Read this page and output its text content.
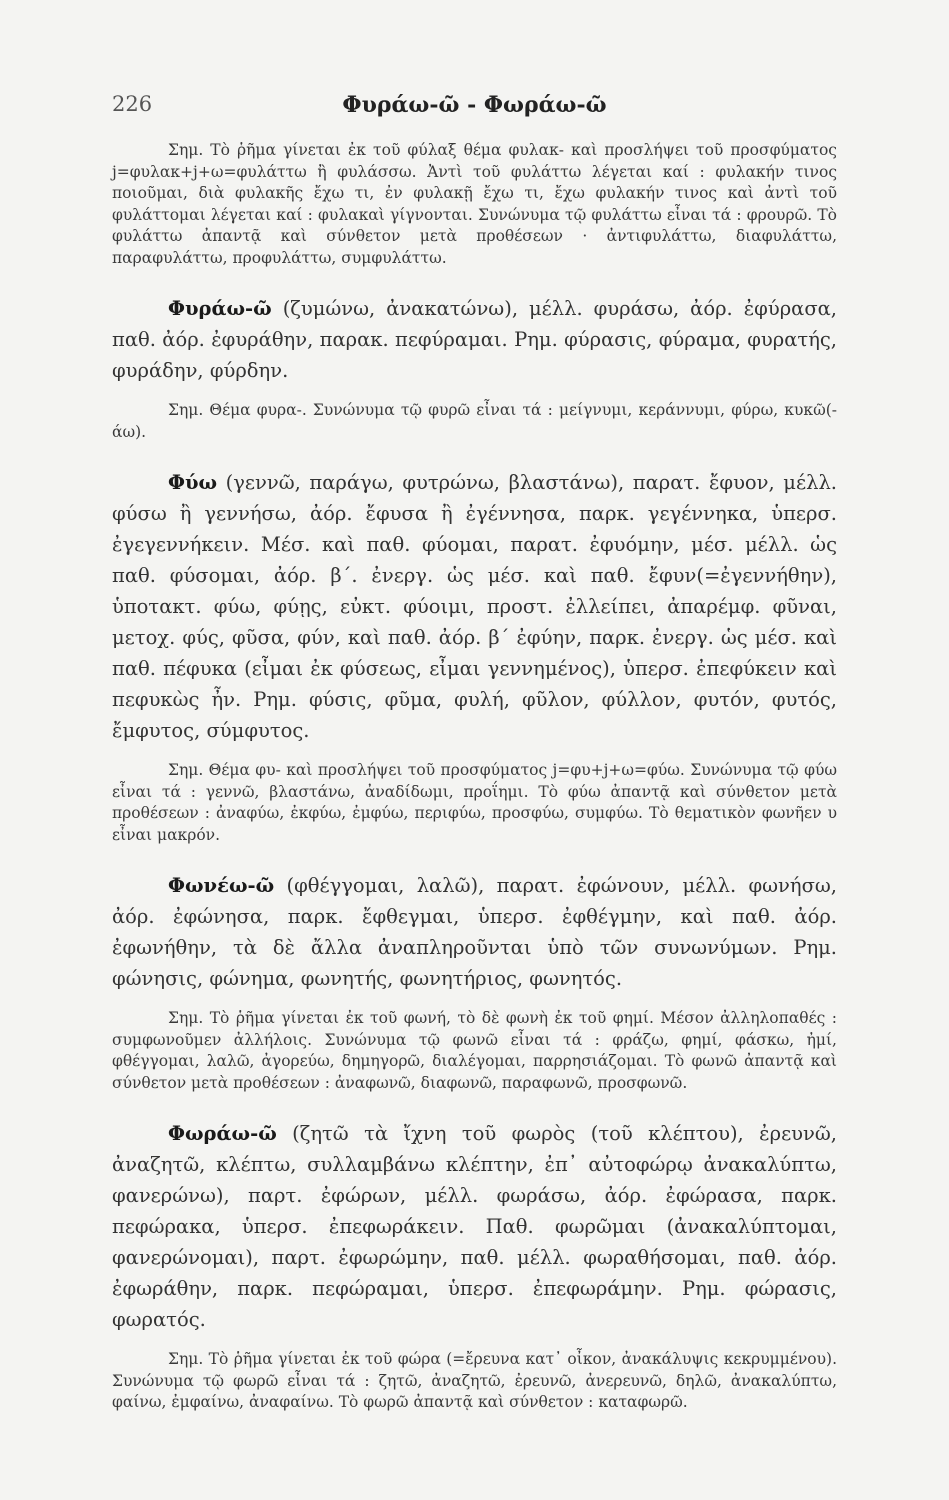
226	Φυράω-ῶ - Φωράω-ῶ

Σημ. Τὸ ῥῆμα γίνεται ἐκ τοῦ φύλαξ θέμα φυλακ- καὶ προσλήψει τοῦ προσφύματος j=φυλακ+j+ω=φυλάττω ἢ φυλάσσω. Ἀντὶ τοῦ φυλάττω λέγεται καί : φυλακήν τινος ποιοῦμαι, διὰ φυλακῆς ἔχω τι, ἐν φυλακῇ ἔχω τι, ἔχω φυλακήν τινος καὶ ἀντὶ τοῦ φυλάττομαι λέγεται καί : φυλακαὶ γίγνονται. Συνώνυμα τῷ φυλάττω εἶναι τά : φρουρῶ. Τὸ φυλάττω ἀπαντᾷ καὶ σύνθετον μετὰ προθέσεων · ἀντιφυλάττω, διαφυλάττω, παραφυλάττω, προφυλάττω, συμφυλάττω.

Φυράω-ῶ (ζυμώνω, ἀνακατώνω), μέλλ. φυράσω, ἀόρ. ἐφύρασα, παθ. ἀόρ. ἐφυράθην, παρακ. πεφύραμαι. Ρημ. φύρασις, φύραμα, φυρατής, φυράδην, φύρδην.

Σημ. Θέμα φυρα-. Συνώνυμα τῷ φυρῶ εἶναι τά : μείγνυμι, κεράννυμι, φύρω, κυκῶ(-άω).

Φύω (γεννῶ, παράγω, φυτρώνω, βλαστάνω), παρατ. ἔφυον, μέλλ. φύσω ἢ γεννήσω, ἀόρ. ἔφυσα ἢ ἐγέννησα, παρκ. γεγέννηκα, ὑπερσ. ἐγεγεννήκειν. Μέσ. καὶ παθ. φύομαι, παρατ. ἐφυόμην, μέσ. μέλλ. ὡς παθ. φύσομαι, ἀόρ. β΄. ἐνεργ. ὡς μέσ. καὶ παθ. ἔφυν(=ἐγεννήθην), ὑποτακτ. φύω, φύῃς, εὐκτ. φύοιμι, προστ. ἐλλείπει, ἀπαρέμφ. φῦναι, μετοχ. φύς, φῦσα, φύν, καὶ παθ. ἀόρ. β΄ ἐφύην, παρκ. ἐνεργ. ὡς μέσ. καὶ παθ. πέφυκα (εἶμαι ἐκ φύσεως, εἶμαι γεννημένος), ὑπερσ. ἐπεφύκειν καὶ πεφυκὼς ἦν. Ρημ. φύσις, φῦμα, φυλή, φῦλον, φύλλον, φυτόν, φυτός, ἔμφυτος, σύμφυτος.

Σημ. Θέμα φυ- καὶ προσλήψει τοῦ προσφύματος j=φυ+j+ω=φύω. Συνώνυμα τῷ φύω εἶναι τά : γεννῶ, βλαστάνω, ἀναδίδωμι, προΐημι. Τὸ φύω ἀπαντᾷ καὶ σύνθετον μετὰ προθέσεων : ἀναφύω, ἐκφύω, ἐμφύω, περιφύω, προσφύω, συμφύω. Τὸ θεματικὸν φωνῆεν υ εἶναι μακρόν.

Φωνέω-ῶ (φθέγγομαι, λαλῶ), παρατ. ἐφώνουν, μέλλ. φωνήσω, ἀόρ. ἐφώνησα, παρκ. ἔφθεγμαι, ὑπερσ. ἐφθέγμην, καὶ παθ. ἀόρ. ἐφωνήθην, τὰ δὲ ἄλλα ἀναπληροῦνται ὑπὸ τῶν συνωνύμων. Ρημ. φώνησις, φώνημα, φωνητής, φωνητήριος, φωνητός.

Σημ. Τὸ ῥῆμα γίνεται ἐκ τοῦ φωνή, τὸ δὲ φωνὴ ἐκ τοῦ φημί. Μέσον ἀλληλοπαθές : συμφωνοῦμεν ἀλλήλοις. Συνώνυμα τῷ φωνῶ εἶναι τά : φράζω, φημί, φάσκω, ἠμί, φθέγγομαι, λαλῶ, ἀγορεύω, δημηγορῶ, διαλέγομαι, παρρησιάζομαι. Τὸ φωνῶ ἀπαντᾷ καὶ σύνθετον μετὰ προθέσεων : ἀναφωνῶ, διαφωνῶ, παραφωνῶ, προσφωνῶ.

Φωράω-ῶ (ζητῶ τὰ ἴχνη τοῦ φωρὸς (τοῦ κλέπτου), ἐρευνῶ, ἀναζητῶ, κλέπτω, συλλαμβάνω κλέπτην, ἐπ᾽ αὐτοφώρῳ ἀνακαλύπτω, φανερώνω), παρτ. ἐφώρων, μέλλ. φωράσω, ἀόρ. ἐφώρασα, παρκ. πεφώρακα, ὑπερσ. ἐπεφωράκειν. Παθ. φωρῶμαι (ἀνακαλύπτομαι, φανερώνομαι), παρτ. ἐφωρώμην, παθ. μέλλ. φωραθήσομαι, παθ. ἀόρ. ἐφωράθην, παρκ. πεφώραμαι, ὑπερσ. ἐπεφωράμην. Ρημ. φώρασις, φωρατός.

Σημ. Τὸ ῥῆμα γίνεται ἐκ τοῦ φώρα (=ἔρευνα κατ᾽ οἶκον, ἀνακάλυψις κεκρυμμένου). Συνώνυμα τῷ φωρῶ εἶναι τά : ζητῶ, ἀναζητῶ, ἐρευνῶ, ἀνερευνῶ, δηλῶ, ἀνακαλύπτω, φαίνω, ἐμφαίνω, ἀναφαίνω. Τὸ φωρῶ ἀπαντᾷ καὶ σύνθετον : καταφωρῶ.
